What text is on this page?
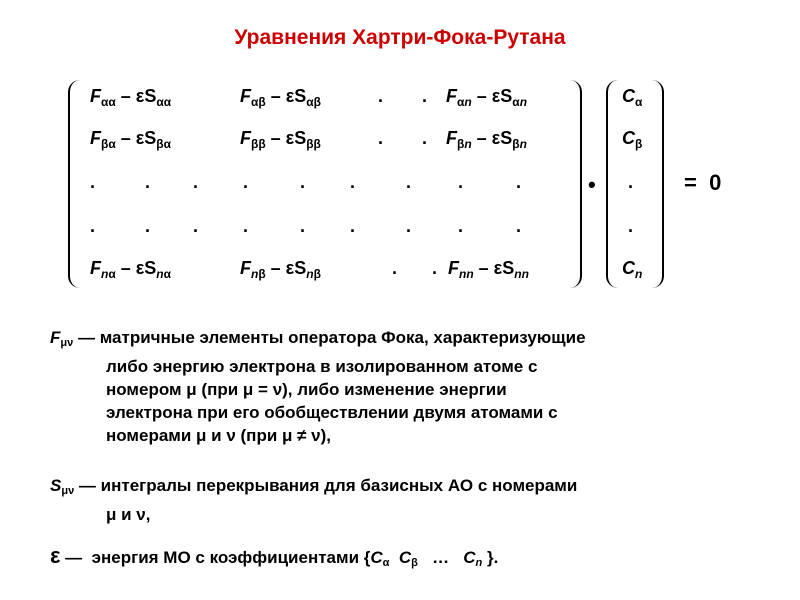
Уравнения Хартри-Фока-Рутана
$F_{\alpha\alpha} - \varepsilon S_{\alpha\alpha}$	$F_{\alpha\beta} - \varepsilon S_{\alpha\beta}$	. . $F_{\alpha n} - \varepsilon S_{\alpha n}$
$F_{\beta\alpha} - \varepsilon S_{\beta\alpha}$	$F_{\beta\beta} - \varepsilon S_{\beta\beta}$	. . $F_{\beta n} - \varepsilon S_{\beta n}$
.	. . .	. .	.	.	.
.	. . .	. .	.	.	.
$F_{n\alpha} - \varepsilon S_{n\alpha}$	$F_{n\beta} - \varepsilon S_{n\beta}$	. . $F_{nn} - \varepsilon S_{nn}$
•
$C_\alpha$
$C_\beta$
.
.
$C_n$
=  0
$F_{\mu\nu}$ — матричные элементы оператора Фока, характеризующие
либо энергию электрона в изолированном атоме с
номером μ (при μ = ν), либо изменение энергии
электрона при его обобществлении двумя атомами с
номерами μ и ν (при μ ≠ ν),
$S_{\mu\nu}$ — интегралы перекрывания для базисных АО с номерами
μ и ν,
ε —  энергия МО с коэффициентами {$C_\alpha$ $C_\beta$ … $C_n$ }.
